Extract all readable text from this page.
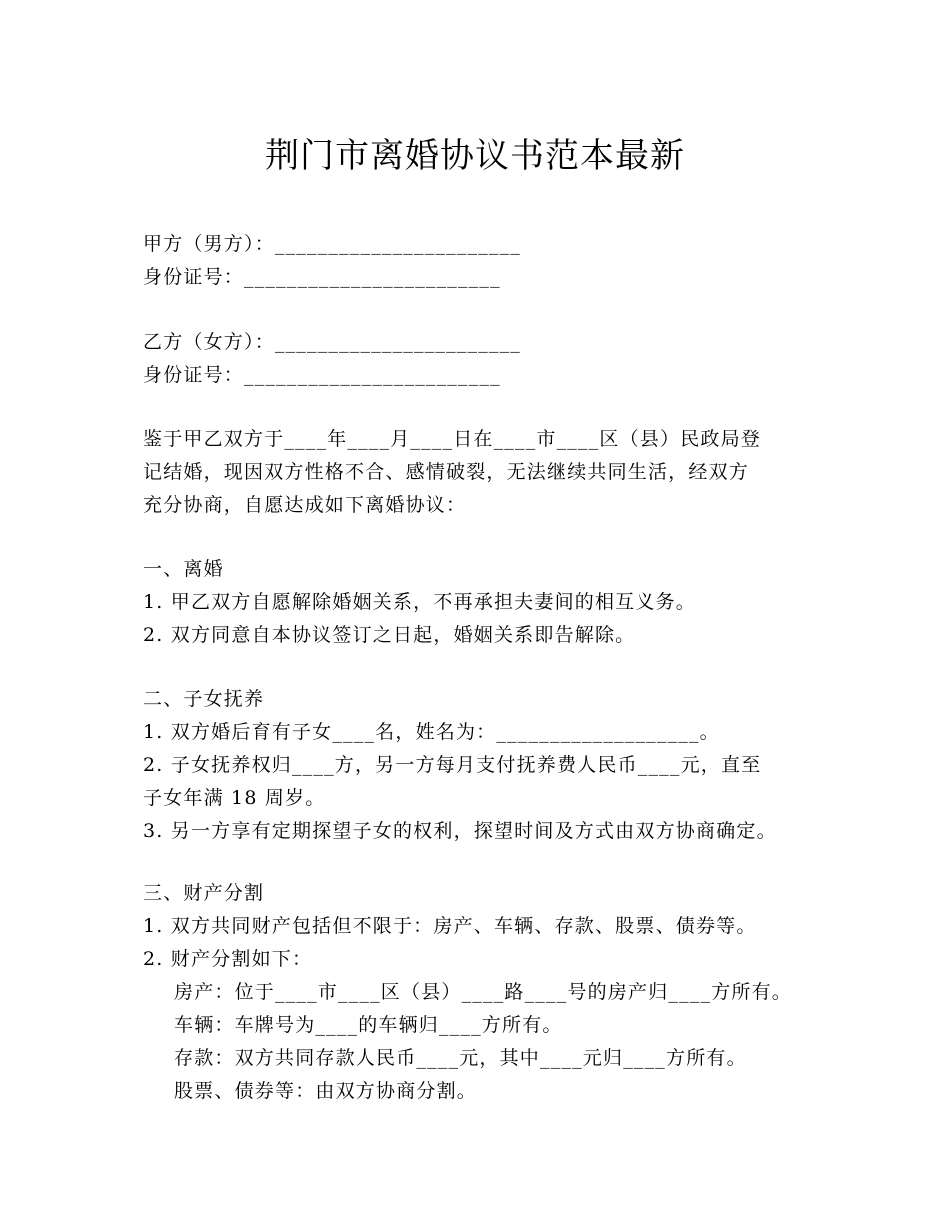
荆门市离婚协议书范本最新
甲方（男方）：_______________________
身份证号：________________________
乙方（女方）：_______________________
身份证号：________________________
鉴于甲乙双方于____年____月____日在____市____区（县）民政局登
记结婚，现因双方性格不合、感情破裂，无法继续共同生活，经双方
充分协商，自愿达成如下离婚协议：
一、离婚
1. 甲乙双方自愿解除婚姻关系，不再承担夫妻间的相互义务。
2. 双方同意自本协议签订之日起，婚姻关系即告解除。
二、子女抚养
1. 双方婚后育有子女____名，姓名为：___________________。
2. 子女抚养权归____方，另一方每月支付抚养费人民币____元，直至
子女年满 18 周岁。
3. 另一方享有定期探望子女的权利，探望时间及方式由双方协商确定。
三、财产分割
1. 双方共同财产包括但不限于：房产、车辆、存款、股票、债券等。
2. 财产分割如下：
房产：位于____市____区（县）____路____号的房产归____方所有。
车辆：车牌号为____的车辆归____方所有。
存款：双方共同存款人民币____元，其中____元归____方所有。
股票、债券等：由双方协商分割。
